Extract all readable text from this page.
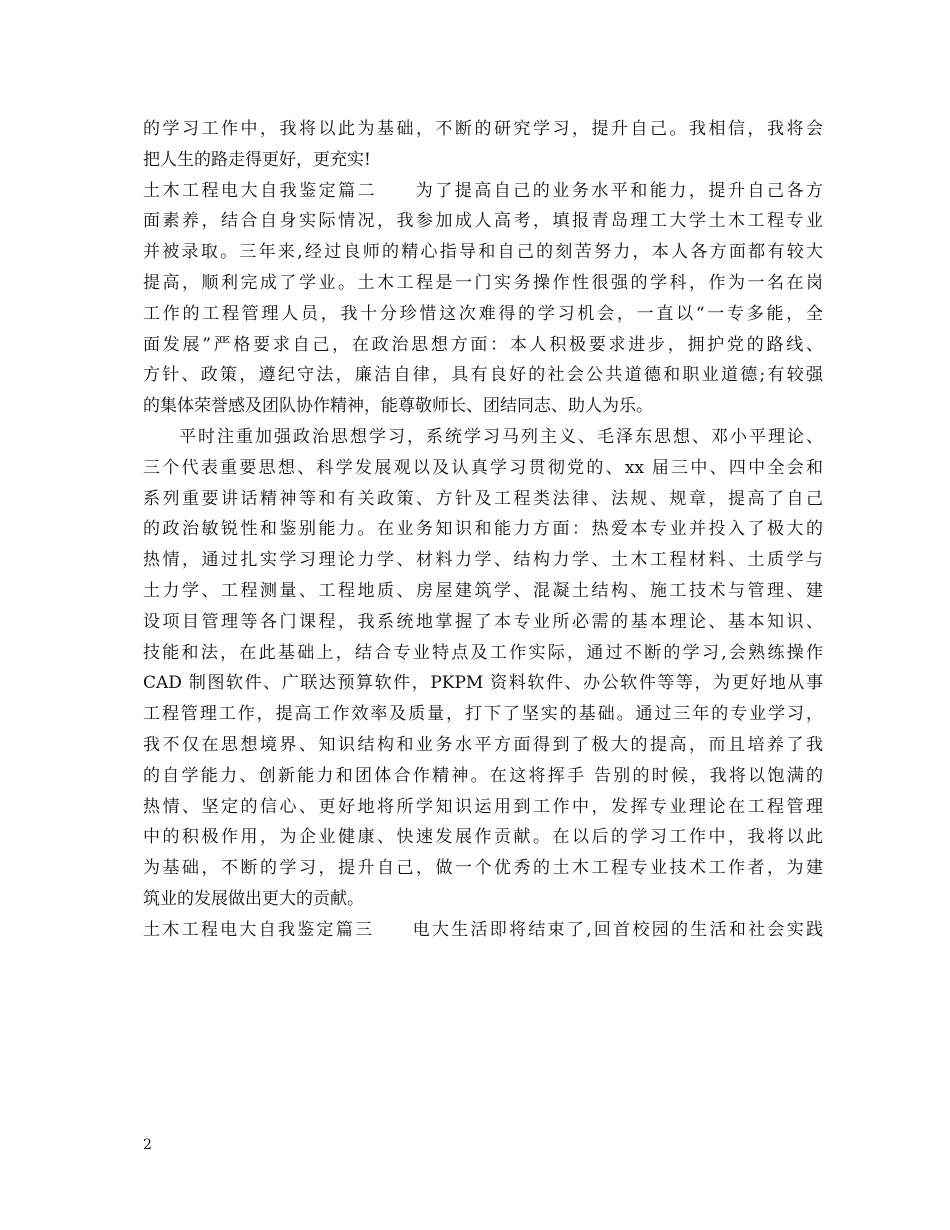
的学习工作中，我将以此为基础，不断的研究学习，提升自己。我相信，我将会
把人生的路走得更好，更充实!
土木工程电大自我鉴定篇二 为了提高自己的业务水平和能力，提升自己各方
面素养，结合自身实际情况，我参加成人高考，填报青岛理工大学土木工程专业
并被录取。三年来,经过良师的精心指导和自己的刻苦努力，本人各方面都有较大
提高，顺利完成了学业。土木工程是一门实务操作性很强的学科，作为一名在岗
工作的工程管理人员，我十分珍惜这次难得的学习机会，一直以“一专多能，全
面发展”严格要求自己，在政治思想方面：本人积极要求进步，拥护党的路线、
方针、政策，遵纪守法，廉洁自律，具有良好的社会公共道德和职业道德;有较强
的集体荣誉感及团队协作精神，能尊敬师长、团结同志、助人为乐。
平时注重加强政治思想学习，系统学习马列主义、毛泽东思想、邓小平理论、
三个代表重要思想、科学发展观以及认真学习贯彻党的、xx 届三中、四中全会和
系列重要讲话精神等和有关政策、方针及工程类法律、法规、规章，提高了自己
的政治敏锐性和鉴别能力。在业务知识和能力方面：热爱本专业并投入了极大的
热情，通过扎实学习理论力学、材料力学、结构力学、土木工程材料、土质学与
土力学、工程测量、工程地质、房屋建筑学、混凝土结构、施工技术与管理、建
设项目管理等各门课程，我系统地掌握了本专业所必需的基本理论、基本知识、
技能和法，在此基础上，结合专业特点及工作实际，通过不断的学习,会熟练操作
CAD 制图软件、广联达预算软件，PKPM 资料软件、办公软件等等，为更好地从事
工程管理工作，提高工作效率及质量，打下了坚实的基础。通过三年的专业学习，
我不仅在思想境界、知识结构和业务水平方面得到了极大的提高，而且培养了我
的自学能力、创新能力和团体合作精神。在这将挥手 告别的时候，我将以饱满的
热情、坚定的信心、更好地将所学知识运用到工作中，发挥专业理论在工程管理
中的积极作用，为企业健康、快速发展作贡献。在以后的学习工作中，我将以此
为基础，不断的学习，提升自己，做一个优秀的土木工程专业技术工作者，为建
筑业的发展做出更大的贡献。
土木工程电大自我鉴定篇三 电大生活即将结束了,回首校园的生活和社会实践
2
